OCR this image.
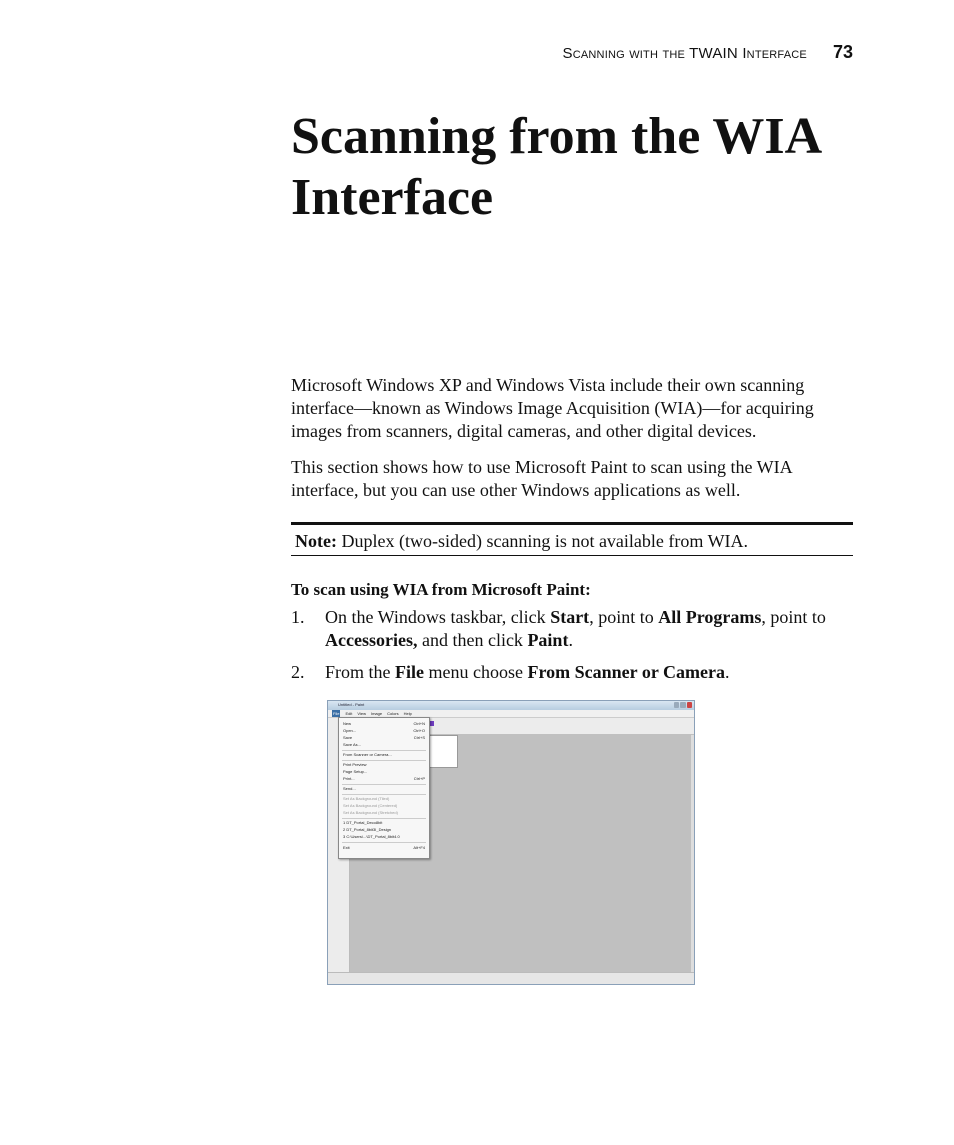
Scanning with the TWAIN Interface 73
Scanning from the WIA Interface

Microsoft Windows XP and Windows Vista include their own scanning interface—known as Windows Image Acquisition (WIA)—for acquiring images from scanners, digital cameras, and other digital devices.

This section shows how to use Microsoft Paint to scan using the WIA interface, but you can use other Windows applications as well.

Note: Duplex (two-sided) scanning is not available from WIA.
To scan using WIA from Microsoft Paint:
1.	On the Windows taskbar, click Start, point to All Programs, point to Accessories, and then click Paint.
2.	From the File menu choose From Scanner or Camera.
Untitled - Paint
File Edit View Image Colors Help
New	Ctrl+N
Open...	Ctrl+O
Save	Ctrl+S
Save As...
From Scanner or Camera...
Print Preview
Page Setup...
Print...	Ctrl+P
Send...
Set As Background (Tiled)
Set As Background (Centered)
Set As Background (Stretched)
1 DT_Portal_Deco8bit
2 DT_Portal_8bit3I_Design
3 C:\Users\...\DT_Portal_8bit4.0
Exit	Alt+F4
